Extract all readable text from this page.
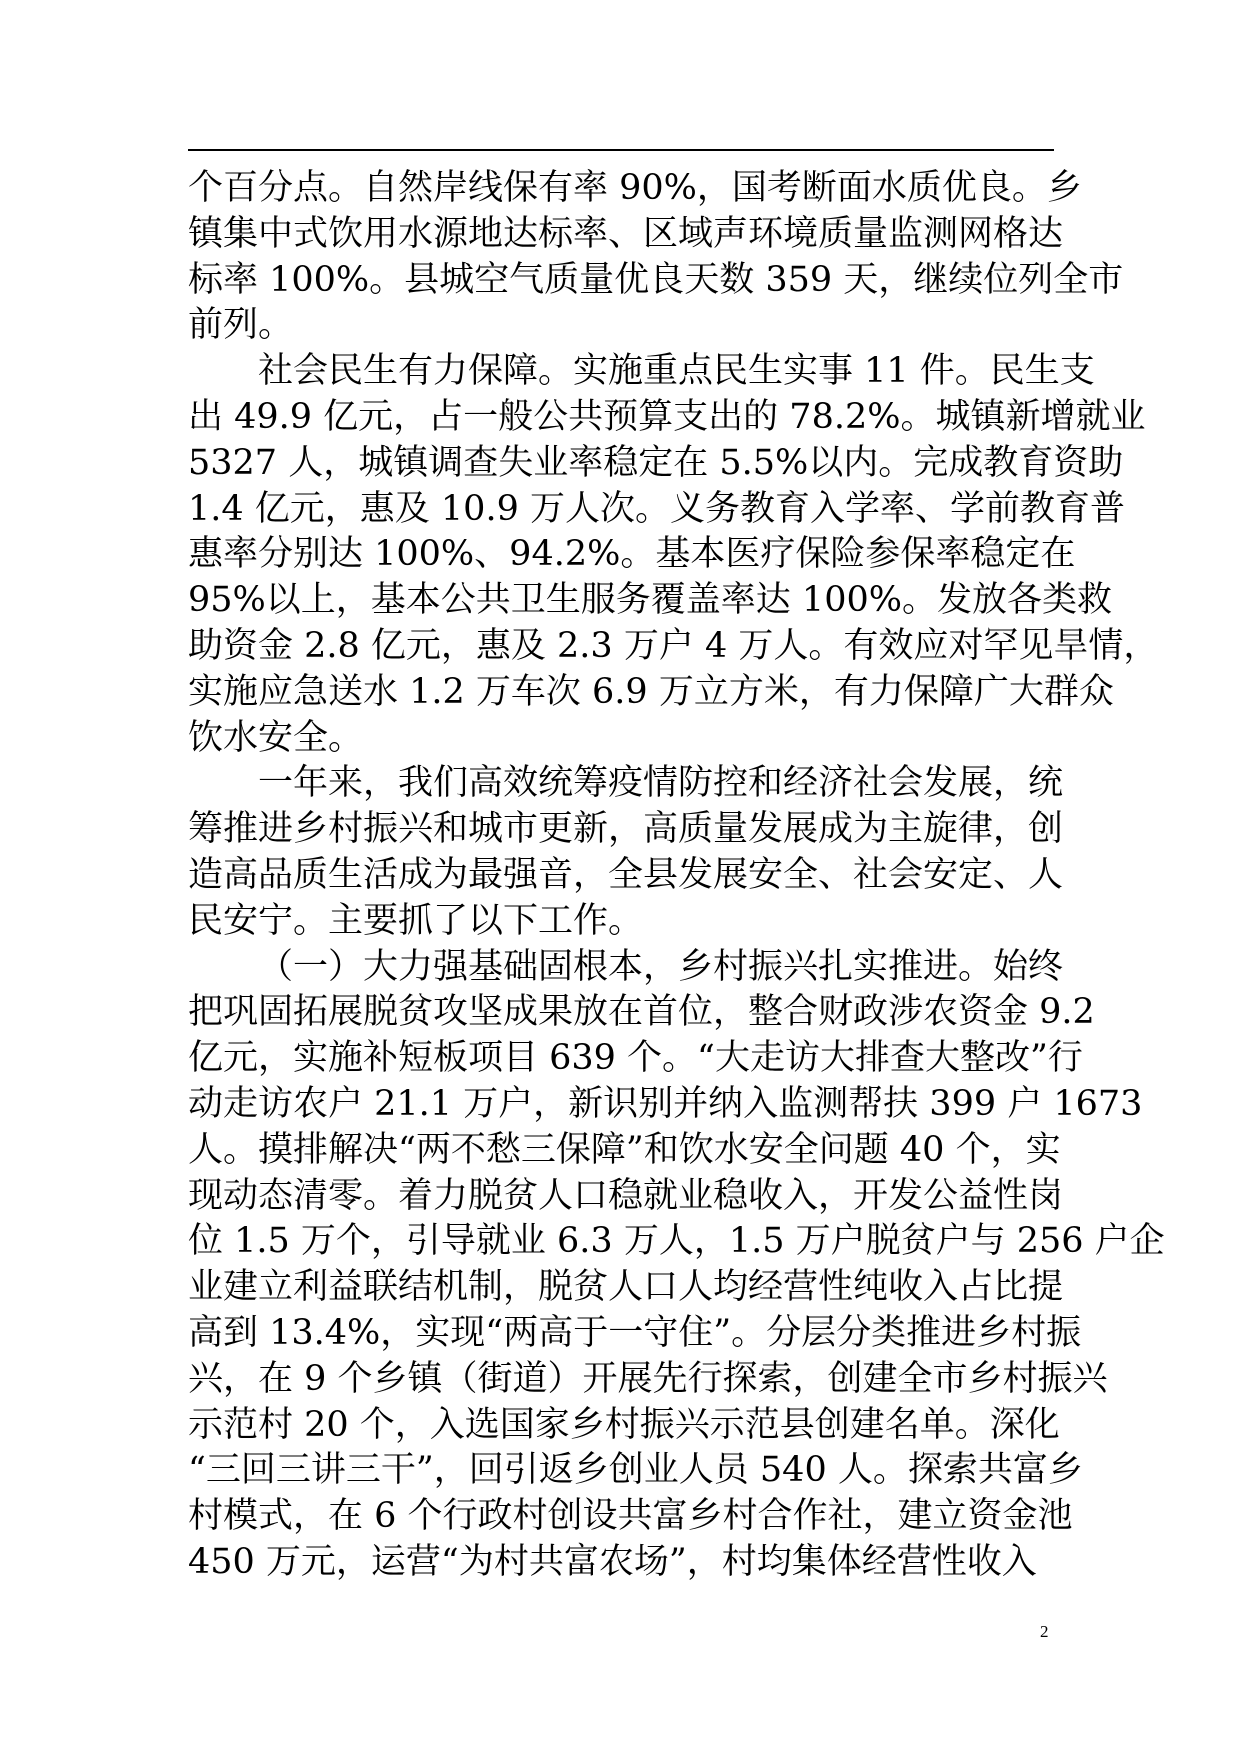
个百分点。自然岸线保有率 90%，国考断面水质优良。乡
镇集中式饮用水源地达标率、区域声环境质量监测网格达
标率 100%。县城空气质量优良天数 359 天，继续位列全市
前列。
社会民生有力保障。实施重点民生实事 11 件。民生支
出 49.9 亿元，占一般公共预算支出的 78.2%。城镇新增就业
5327 人，城镇调查失业率稳定在 5.5%以内。完成教育资助
1.4 亿元，惠及 10.9 万人次。义务教育入学率、学前教育普
惠率分别达 100%、94.2%。基本医疗保险参保率稳定在
95%以上，基本公共卫生服务覆盖率达 100%。发放各类救
助资金 2.8 亿元，惠及 2.3 万户 4 万人。有效应对罕见旱情，
实施应急送水 1.2 万车次 6.9 万立方米，有力保障广大群众
饮水安全。
一年来，我们高效统筹疫情防控和经济社会发展，统
筹推进乡村振兴和城市更新，高质量发展成为主旋律，创
造高品质生活成为最强音，全县发展安全、社会安定、人
民安宁。主要抓了以下工作。
（一）大力强基础固根本，乡村振兴扎实推进。始终
把巩固拓展脱贫攻坚成果放在首位，整合财政涉农资金 9.2
亿元，实施补短板项目 639 个。“大走访大排查大整改”行
动走访农户 21.1 万户，新识别并纳入监测帮扶 399 户 1673
人。摸排解决“两不愁三保障”和饮水安全问题 40 个，实
现动态清零。着力脱贫人口稳就业稳收入，开发公益性岗
位 1.5 万个，引导就业 6.3 万人，1.5 万户脱贫户与 256 户企
业建立利益联结机制，脱贫人口人均经营性纯收入占比提
高到 13.4%，实现“两高于一守住”。分层分类推进乡村振
兴，在 9 个乡镇（街道）开展先行探索，创建全市乡村振兴
示范村 20 个，入选国家乡村振兴示范县创建名单。深化
“三回三讲三干”，回引返乡创业人员 540 人。探索共富乡
村模式，在 6 个行政村创设共富乡村合作社，建立资金池
450 万元，运营“为村共富农场”，村均集体经营性收入
2
